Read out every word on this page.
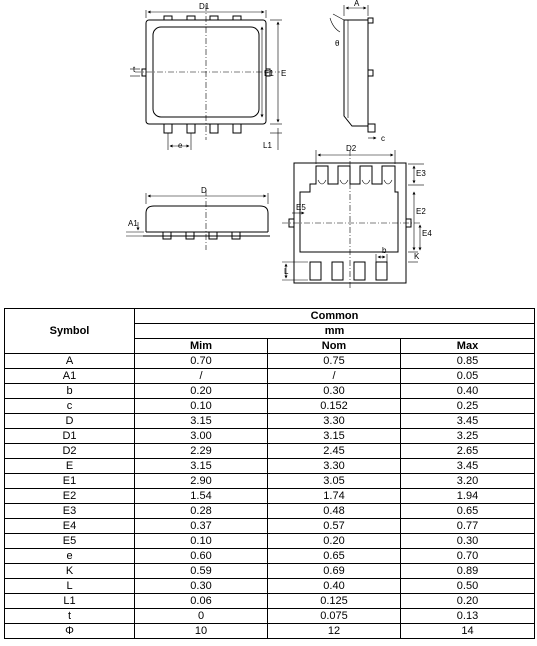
D1
E1 E
t
e	L1
A
θ
c
D
A1
D2
E3
E2
E4
E5
b
K
L
Symbol	Common		
	mm		
	Mim	Nom	Max
A	0.70	0.75	0.85
A1	/	/	0.05
b	0.20	0.30	0.40
c	0.10	0.152	0.25
D	3.15	3.30	3.45
D1	3.00	3.15	3.25
D2	2.29	2.45	2.65
E	3.15	3.30	3.45
E1	2.90	3.05	3.20
E2	1.54	1.74	1.94
E3	0.28	0.48	0.65
E4	0.37	0.57	0.77
E5	0.10	0.20	0.30
e	0.60	0.65	0.70
K	0.59	0.69	0.89
L	0.30	0.40	0.50
L1	0.06	0.125	0.20
t	0	0.075	0.13
Φ	10	12	14
